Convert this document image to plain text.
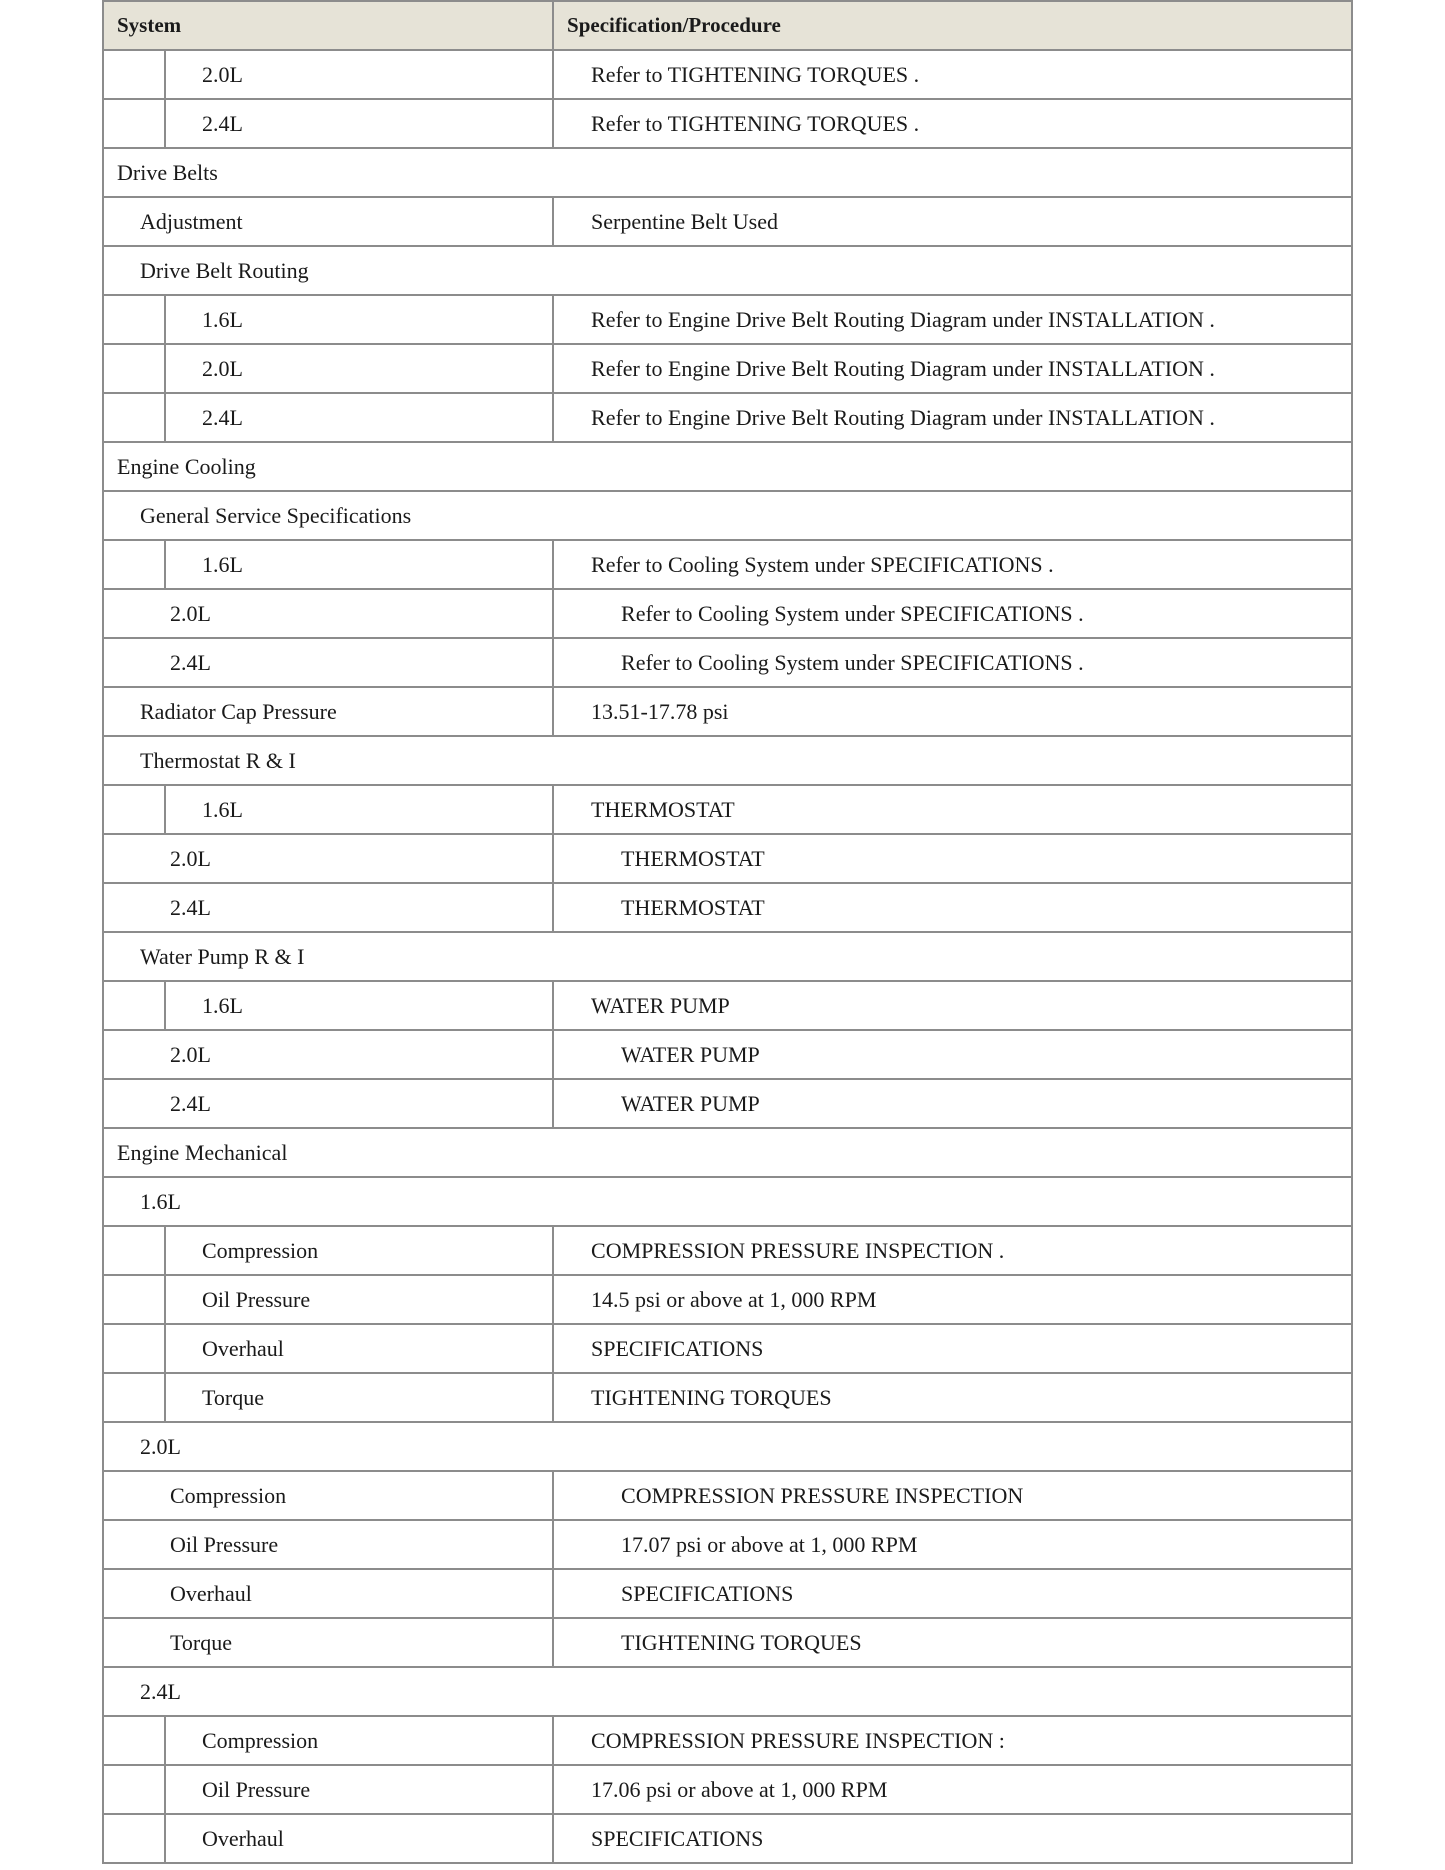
System		Specification/Procedure
	2.0L	Refer to TIGHTENING TORQUES .
	2.4L	Refer to TIGHTENING TORQUES .
Drive Belts		
Adjustment		Serpentine Belt Used
Drive Belt Routing		
	1.6L	Refer to Engine Drive Belt Routing Diagram under INSTALLATION .
	2.0L	Refer to Engine Drive Belt Routing Diagram under INSTALLATION .
	2.4L	Refer to Engine Drive Belt Routing Diagram under INSTALLATION .
Engine Cooling		
General Service Specifications		
	1.6L	Refer to Cooling System under SPECIFICATIONS .
2.0L		Refer to Cooling System under SPECIFICATIONS .
2.4L		Refer to Cooling System under SPECIFICATIONS .
Radiator Cap Pressure		13.51-17.78 psi
Thermostat R & I		
	1.6L	THERMOSTAT
2.0L		THERMOSTAT
2.4L		THERMOSTAT
Water Pump R & I		
	1.6L	WATER PUMP
2.0L		WATER PUMP
2.4L		WATER PUMP
Engine Mechanical		
1.6L		
	Compression	COMPRESSION PRESSURE INSPECTION .
	Oil Pressure	14.5 psi or above at 1, 000 RPM
	Overhaul	SPECIFICATIONS
	Torque	TIGHTENING TORQUES
2.0L		
Compression		COMPRESSION PRESSURE INSPECTION
Oil Pressure		17.07 psi or above at 1, 000 RPM
Overhaul		SPECIFICATIONS
Torque		TIGHTENING TORQUES
2.4L		
	Compression	COMPRESSION PRESSURE INSPECTION :
	Oil Pressure	17.06 psi or above at 1, 000 RPM
	Overhaul	SPECIFICATIONS
